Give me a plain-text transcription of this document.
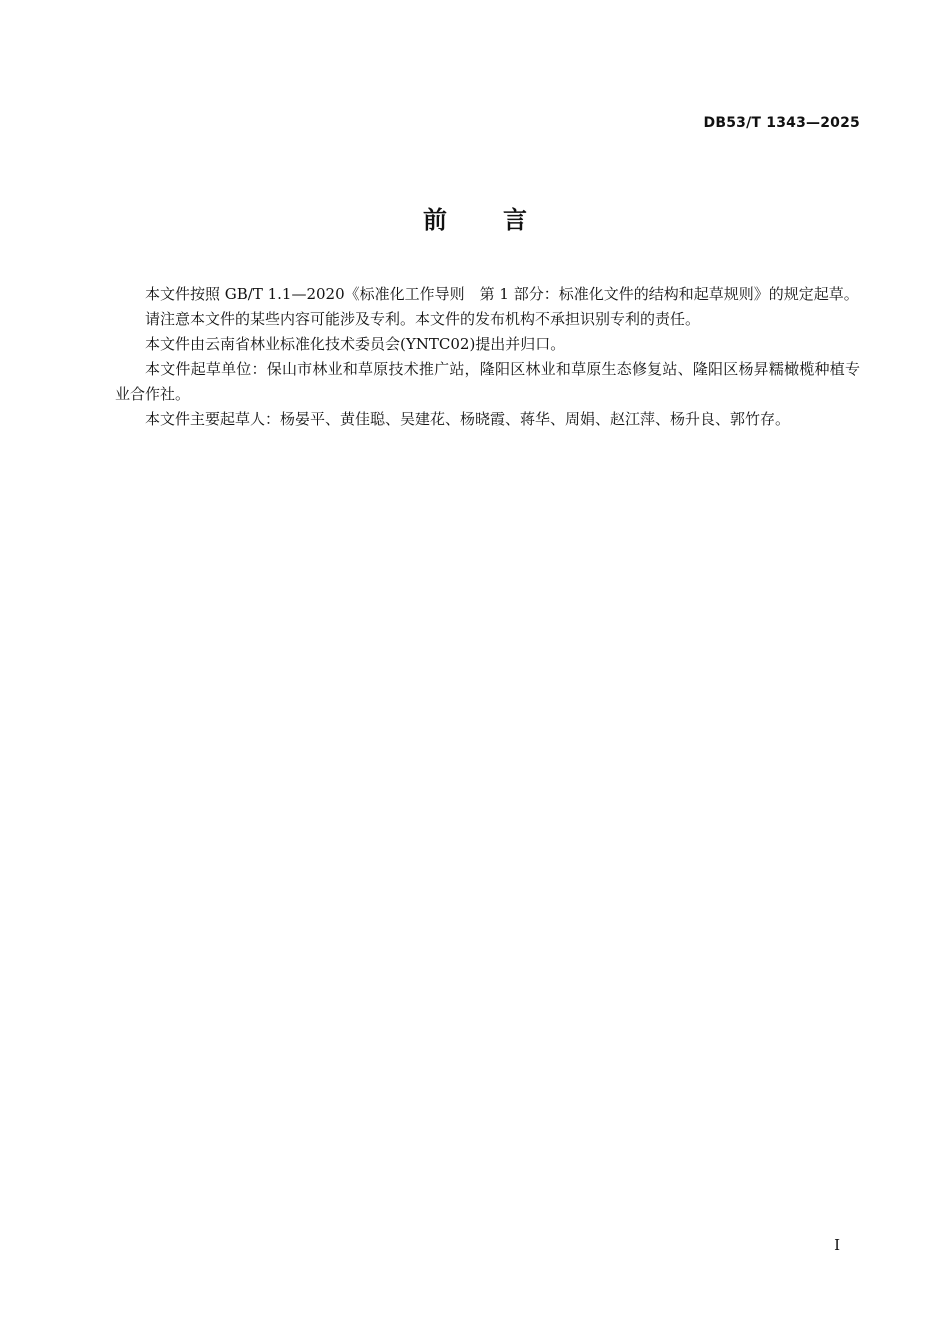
DB53/T 1343—2025
前言

本文件按照 GB/T 1.1—2020《标准化工作导则　第 1 部分：标准化文件的结构和起草规则》的规定起草。

请注意本文件的某些内容可能涉及专利。本文件的发布机构不承担识别专利的责任。

本文件由云南省林业标准化技术委员会(YNTC02)提出并归口。

本文件起草单位：保山市林业和草原技术推广站，隆阳区林业和草原生态修复站、隆阳区杨昇糯橄榄种植专业合作社。

本文件主要起草人：杨晏平、黄佳聪、吴建花、杨晓霞、蒋华、周娟、赵江萍、杨升良、郭竹存。

I
